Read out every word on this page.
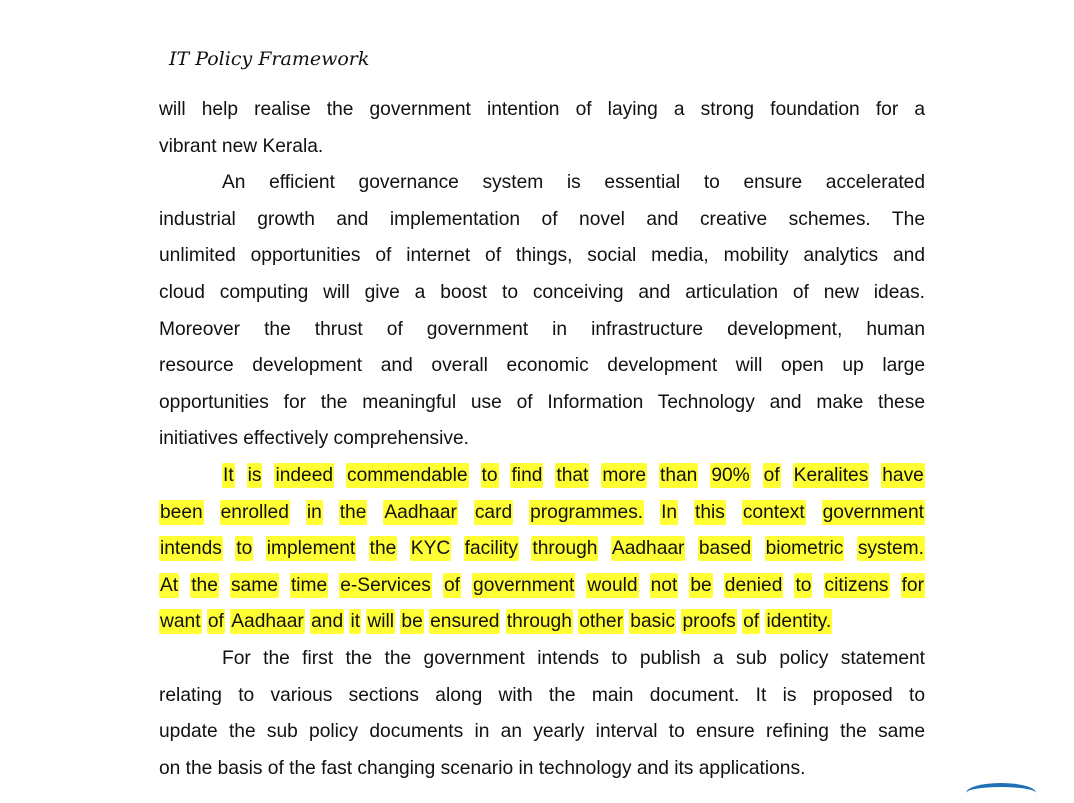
IT Policy Framework
will help realise the government intention of laying a strong foundation for a
vibrant new Kerala.
An efficient governance system is essential to ensure accelerated
industrial growth and implementation of novel and creative schemes. The
unlimited opportunities of internet of things, social media, mobility analytics and
cloud computing will give a boost to conceiving and articulation of new ideas.
Moreover the thrust of government in infrastructure development, human
resource development and overall economic development will open up large
opportunities for the meaningful use of Information Technology and make these
initiatives effectively comprehensive.
It is indeed commendable to find that more than 90% of Keralites have
been enrolled in the Aadhaar card programmes. In this context government
intends to implement the KYC facility through Aadhaar based biometric system.
At the same time e-Services of government would not be denied to citizens for
want of Aadhaar and it will be ensured through other basic proofs of identity.
For the first the the government intends to publish a sub policy statement
relating to various sections along with the main document. It is proposed to
update the sub policy documents in an yearly interval to ensure refining the same
on the basis of the fast changing scenario in technology and its applications.
